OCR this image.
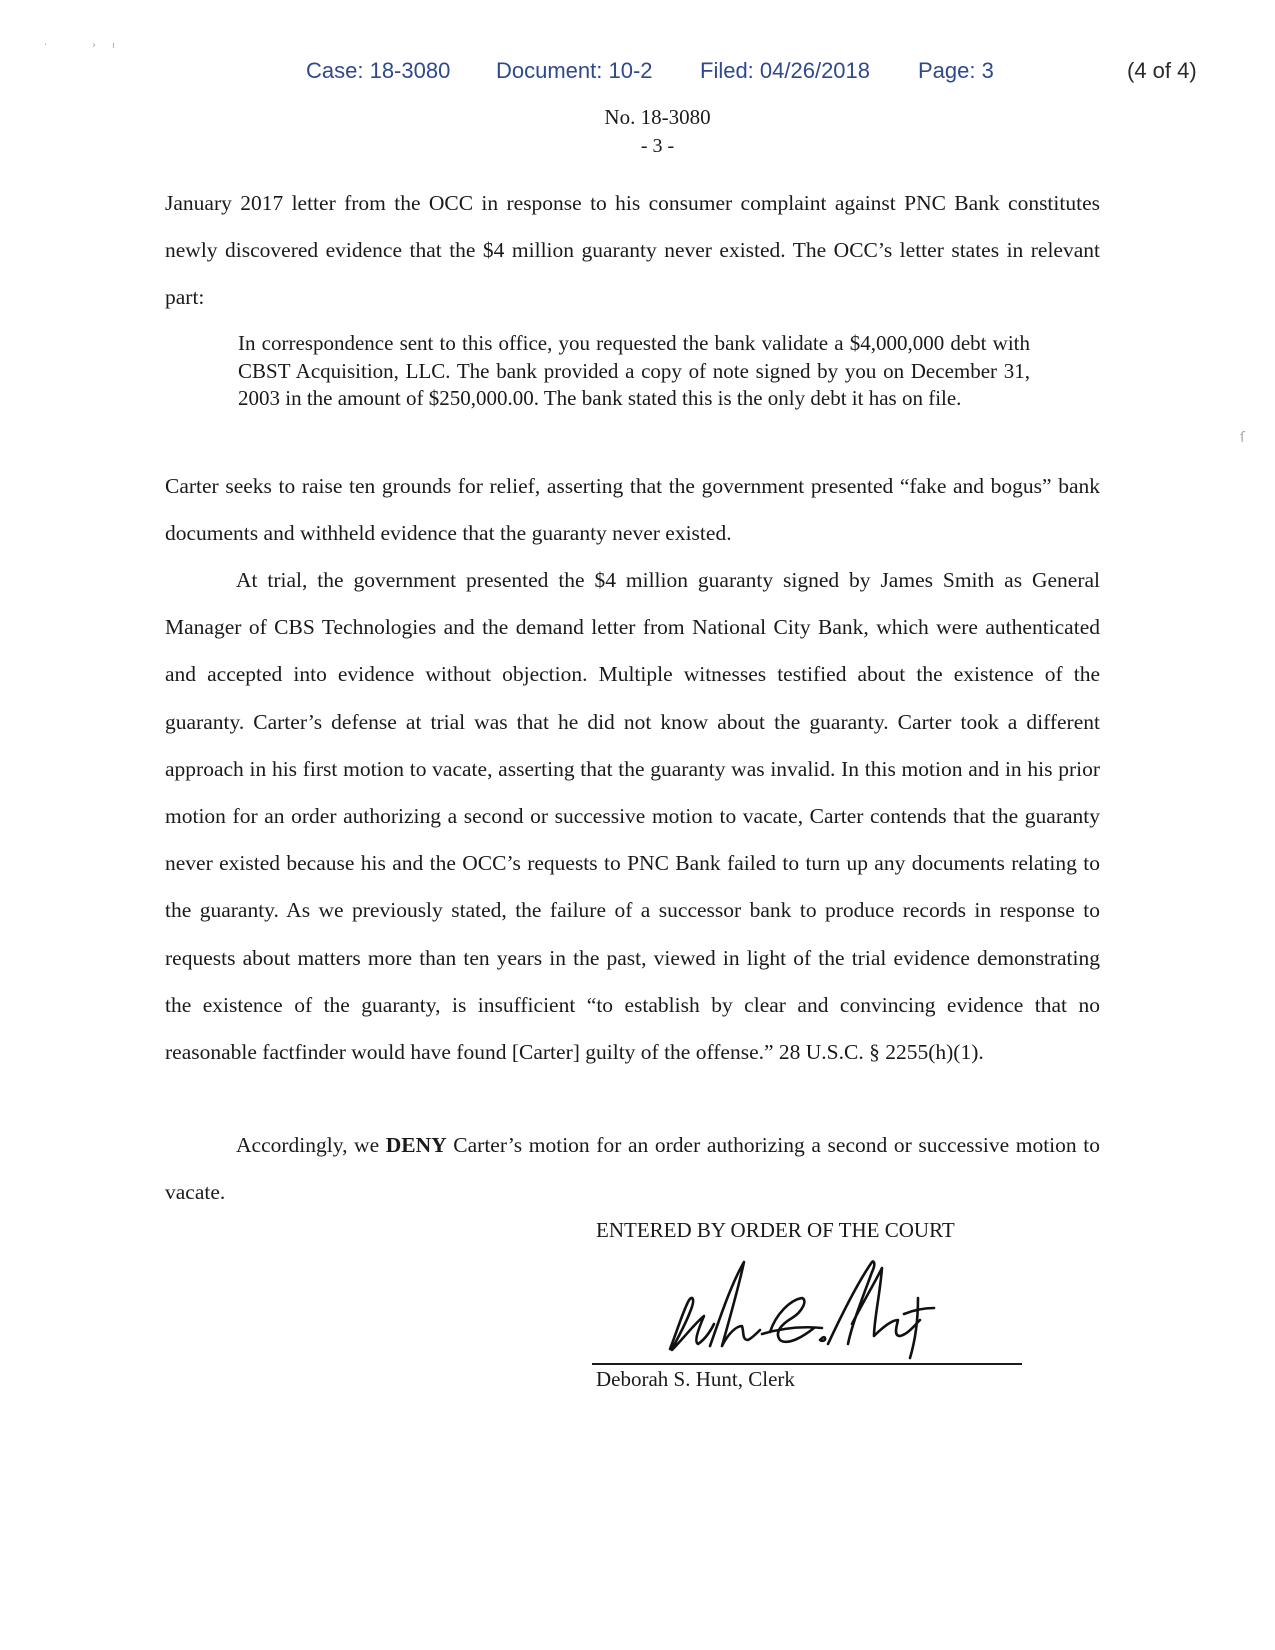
Case: 18-3080 Document: 10-2 Filed: 04/26/2018 Page: 3	(4 of 4)
No. 18-3080
- 3 -

January 2017 letter from the OCC in response to his consumer complaint against PNC Bank constitutes newly discovered evidence that the $4 million guaranty never existed. The OCC’s letter states in relevant part:

In correspondence sent to this office, you requested the bank validate a $4,000,000 debt with CBST Acquisition, LLC. The bank provided a copy of note signed by you on December 31, 2003 in the amount of $250,000.00. The bank stated this is the only debt it has on file.

Carter seeks to raise ten grounds for relief, asserting that the government presented “fake and bogus” bank documents and withheld evidence that the guaranty never existed.

At trial, the government presented the $4 million guaranty signed by James Smith as General Manager of CBS Technologies and the demand letter from National City Bank, which were authenticated and accepted into evidence without objection. Multiple witnesses testified about the existence of the guaranty. Carter’s defense at trial was that he did not know about the guaranty. Carter took a different approach in his first motion to vacate, asserting that the guaranty was invalid. In this motion and in his prior motion for an order authorizing a second or successive motion to vacate, Carter contends that the guaranty never existed because his and the OCC’s requests to PNC Bank failed to turn up any documents relating to the guaranty. As we previously stated, the failure of a successor bank to produce records in response to requests about matters more than ten years in the past, viewed in light of the trial evidence demonstrating the existence of the guaranty, is insufficient “to establish by clear and convincing evidence that no reasonable factfinder would have found [Carter] guilty of the offense.” 28 U.S.C. § 2255(h)(1).

Accordingly, we DENY Carter’s motion for an order authorizing a second or successive motion to vacate.

ENTERED BY ORDER OF THE COURT
Deborah S. Hunt, Clerk
·	› ı
ſ
